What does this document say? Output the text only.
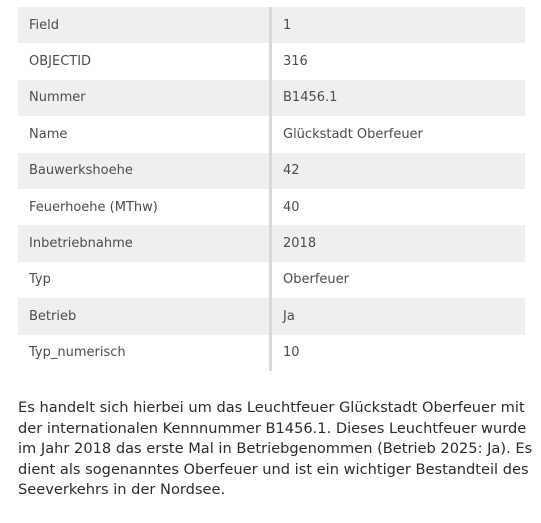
Field	1
OBJECTID	316
Nummer	B1456.1
Name	Glückstadt Oberfeuer
Bauwerkshoehe	42
Feuerhoehe (MThw)	40
Inbetriebnahme	2018
Typ	Oberfeuer
Betrieb	Ja
Typ_numerisch	10

Es handelt sich hierbei um das Leuchtfeuer Glückstadt Oberfeuer mit der internationalen Kennnummer B1456.1. Dieses Leuchtfeuer wurde im Jahr 2018 das erste Mal in Betriebgenommen (Betrieb 2025: Ja). Es dient als sogenanntes Oberfeuer und ist ein wichtiger Bestandteil des Seeverkehrs in der Nordsee.
